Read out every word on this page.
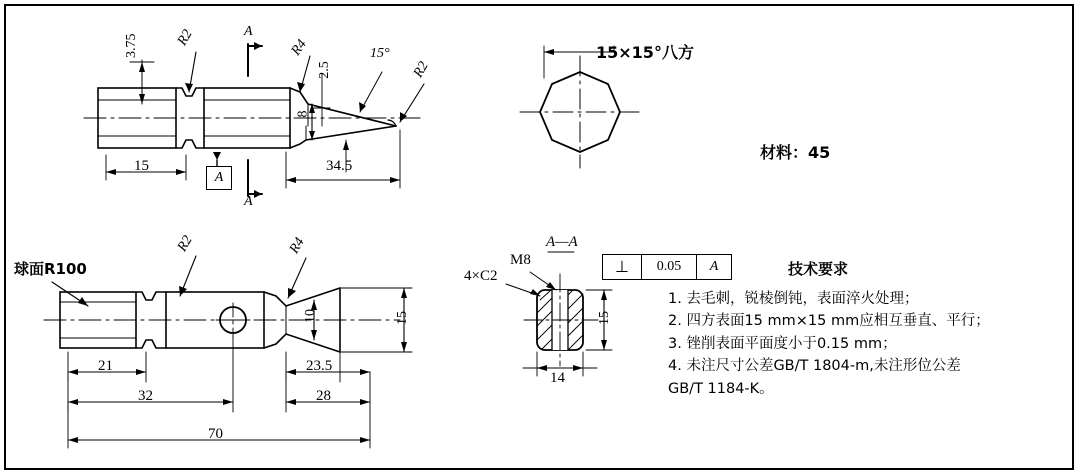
3.75	R2	R4
2.5
15°
R2
8
15	34.5
A
A
A
15×15°八方
材料：45
球面R100
R2	R4
10	15
21
32
23.5
28
70
A—A
M8
4×C2
15
14
⊥	0.05	A	技术要求
1. 去毛刺，锐棱倒钝，表面淬火处理；
2. 四方表面15 mm×15 mm应相互垂直、平行；
3. 锉削表面平面度小于0.15 mm；
4. 未注尺寸公差GB/T 1804-m,未注形位公差
GB/T 1184-K。
